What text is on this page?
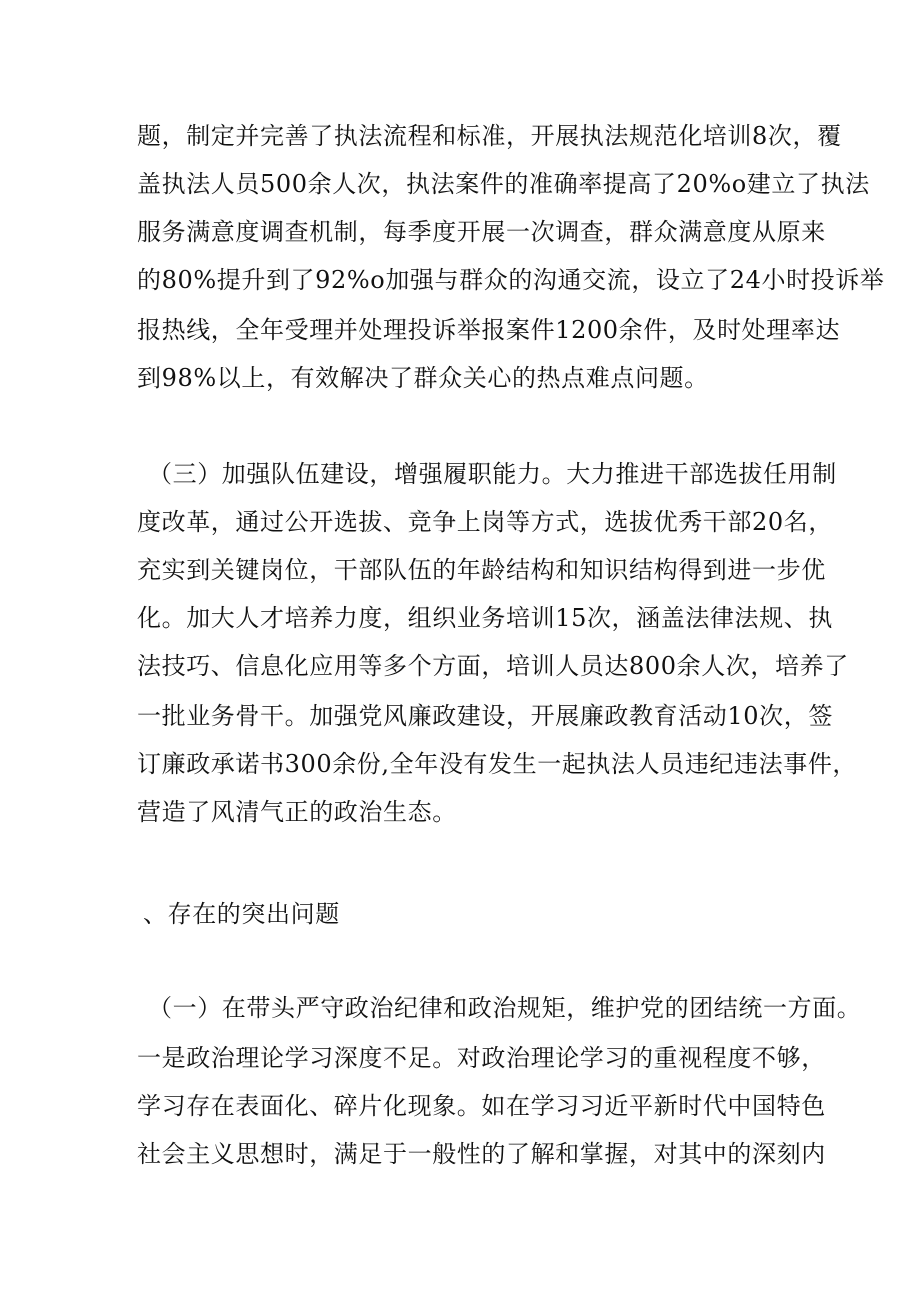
题，制定并完善了执法流程和标准，开展执法规范化培训8次，覆
盖执法人员500余人次，执法案件的准确率提高了20%o建立了执法
服务满意度调查机制，每季度开展一次调查，群众满意度从原来
的80%提升到了92%o加强与群众的沟通交流，设立了24小时投诉举
报热线，全年受理并处理投诉举报案件1200余件，及时处理率达
到98%以上，有效解决了群众关心的热点难点问题。
（三）加强队伍建设，增强履职能力。大力推进干部选拔任用制
度改革，通过公开选拔、竞争上岗等方式，选拔优秀干部20名，
充实到关键岗位，干部队伍的年龄结构和知识结构得到进一步优
化。加大人才培养力度，组织业务培训15次，涵盖法律法规、执
法技巧、信息化应用等多个方面，培训人员达800余人次，培养了
一批业务骨干。加强党风廉政建设，开展廉政教育活动10次，签
订廉政承诺书300余份,全年没有发生一起执法人员违纪违法事件，
营造了风清气正的政治生态。
、存在的突出问题
（一）在带头严守政治纪律和政治规矩，维护党的团结统一方面。
一是政治理论学习深度不足。对政治理论学习的重视程度不够，
学习存在表面化、碎片化现象。如在学习习近平新时代中国特色
社会主义思想时，满足于一般性的了解和掌握，对其中的深刻内
